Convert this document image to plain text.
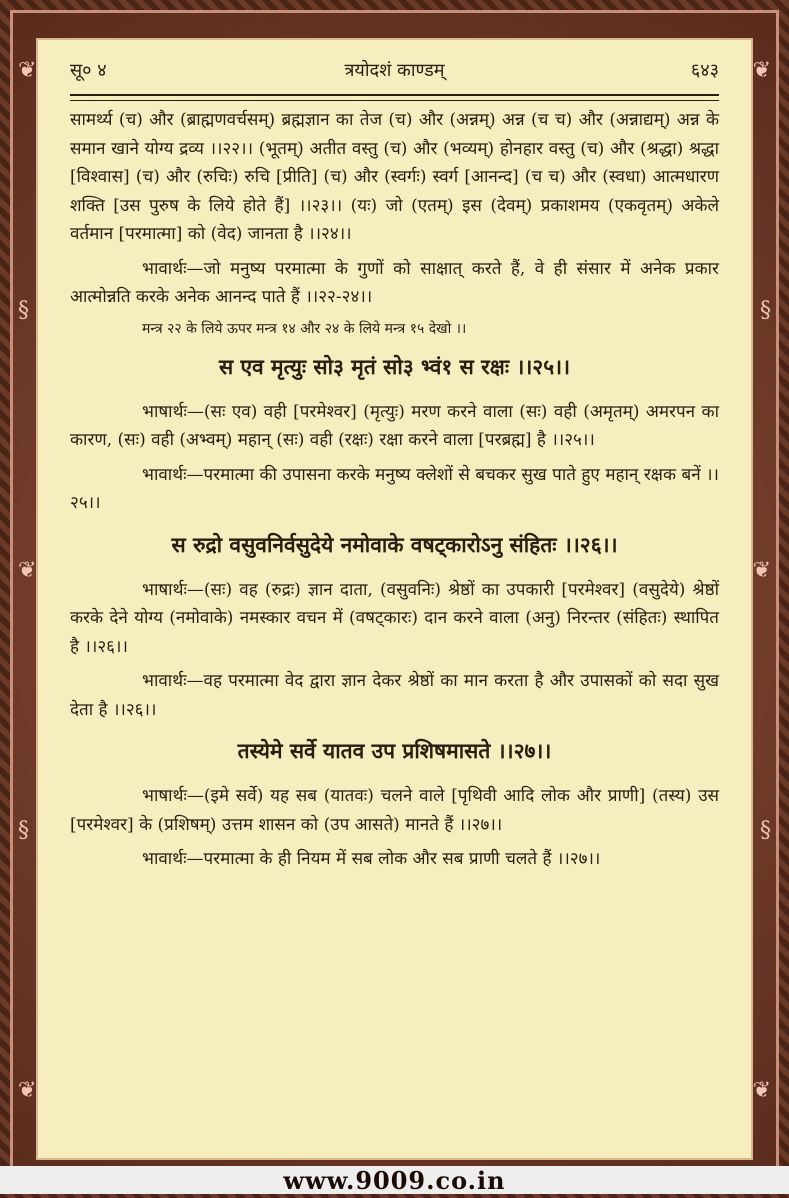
❦
§
❦
§
❦
❦
§
❦
§
❦
सू० ४	त्रयोदशं काण्डम्	६४३

सामर्थ्य (च) और (ब्राह्मणवर्चसम्) ब्रह्मज्ञान का तेज (च) और (अन्नम्) अन्न (च च) और (अन्नाद्यम्) अन्न के समान खाने योग्य द्रव्य ।।२२।। (भूतम्) अतीत वस्तु (च) और (भव्यम्) होनहार वस्तु (च) और (श्रद्धा) श्रद्धा [विश्वास] (च) और (रुचिः) रुचि [प्रीति] (च) और (स्वर्गः) स्वर्ग [आनन्द] (च च) और (स्वधा) आत्मधारण शक्ति [उस पुरुष के लिये होते हैं] ।।२३।। (यः) जो (एतम्) इस (देवम्) प्रकाशमय (एकवृतम्) अकेले वर्तमान [परमात्मा] को (वेद) जानता है ।।२४।।

भावार्थः—जो मनुष्य परमात्मा के गुणों को साक्षात् करते हैं, वे ही संसार में अनेक प्रकार आत्मोन्नति करके अनेक आनन्द पाते हैं ।।२२-२४।।

मन्त्र २२ के लिये ऊपर मन्त्र १४ और २४ के लिये मन्त्र १५ देखो ।।

स एव मृत्युः सो३ मृतं सो३ भ्वं१ स रक्षः ।।२५।।

भाषार्थः—(सः एव) वही [परमेश्वर] (मृत्युः) मरण करने वाला (सः) वही (अमृतम्) अमरपन का कारण, (सः) वही (अभ्वम्) महान् (सः) वही (रक्षः) रक्षा करने वाला [परब्रह्म] है ।।२५।।

भावार्थः—परमात्मा की उपासना करके मनुष्य क्लेशों से बचकर सुख पाते हुए महान् रक्षक बनें ।।२५।।

स रुद्रो वसुवनिर्वसुदेये नमोवाके वषट्कारोऽनु संहितः ।।२६।।

भाषार्थः—(सः) वह (रुद्रः) ज्ञान दाता, (वसुवनिः) श्रेष्ठों का उपकारी [परमेश्वर] (वसुदेये) श्रेष्ठों करके देने योग्य (नमोवाके) नमस्कार वचन में (वषट्कारः) दान करने वाला (अनु) निरन्तर (संहितः) स्थापित है ।।२६।।

भावार्थः—वह परमात्मा वेद द्वारा ज्ञान देकर श्रेष्ठों का मान करता है और उपासकों को सदा सुख देता है ।।२६।।

तस्येमे सर्वे यातव उप प्रशिषमासते ।।२७।।

भाषार्थः—(इमे सर्वे) यह सब (यातवः) चलने वाले [पृथिवी आदि लोक और प्राणी] (तस्य) उस [परमेश्वर] के (प्रशिषम्) उत्तम शासन को (उप आसते) मानते हैं ।।२७।।

भावार्थः—परमात्मा के ही नियम में सब लोक और सब प्राणी चलते हैं ।।२७।।

www.9009.co.in
